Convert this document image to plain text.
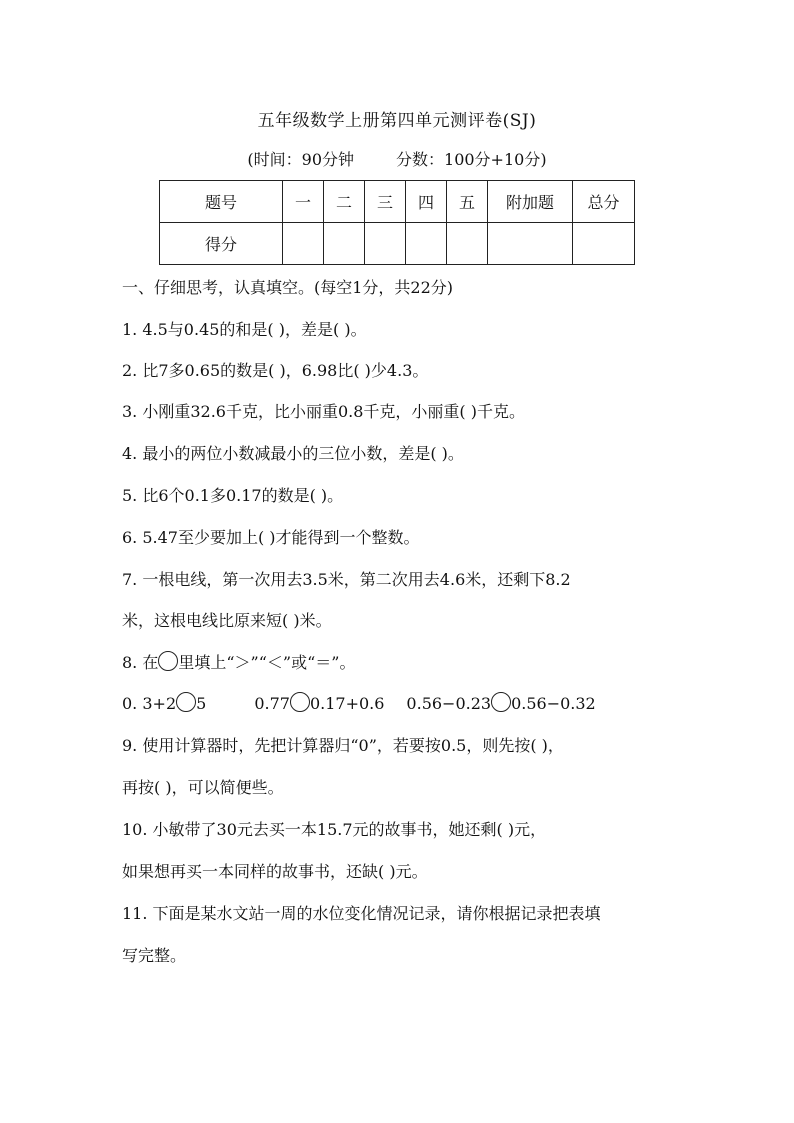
五年级数学上册第四单元测评卷(SJ)
(时间：90分钟	分数：100分+10分)
题号	一	二	三	四	五	附加题	总分
得分							
一、仔细思考，认真填空。(每空1分，共22分)
1. 4.5与0.45的和是( )，差是( )。
2. 比7多0.65的数是( )，6.98比( )少4.3。
3. 小刚重32.6千克，比小丽重0.8千克，小丽重( )千克。
4. 最小的两位小数减最小的三位小数，差是( )。
5. 比6个0.1多0.17的数是( )。
6. 5.47至少要加上( )才能得到一个整数。
7. 一根电线，第一次用去3.5米，第二次用去4.6米，还剩下8.2
米，这根电线比原来短( )米。
8. 在 里填上“＞”“＜”或“＝”。
0. 3+2 5	0.77 0.17+0.6 0.56−0.23 0.56−0.32
9. 使用计算器时，先把计算器归“0”，若要按0.5，则先按( )，
再按( )，可以简便些。
10. 小敏带了30元去买一本15.7元的故事书，她还剩( )元，
如果想再买一本同样的故事书，还缺( )元。
11. 下面是某水文站一周的水位变化情况记录，请你根据记录把表填
写完整。
